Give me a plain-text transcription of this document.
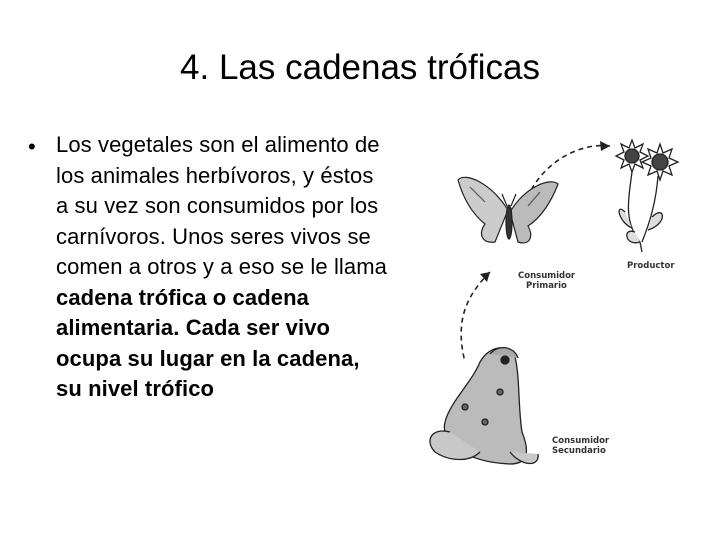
4. Las cadenas tróficas
• Los vegetales son el alimento de los animales herbívoros, y éstos a su vez son consumidos por los carnívoros. Unos seres vivos se comen a otros y a eso se le llama cadena trófica o cadena alimentaria. Cada ser vivo ocupa su lugar en la cadena, su nivel trófico
Productor
Consumidor
Primario
Consumidor
Secundario
